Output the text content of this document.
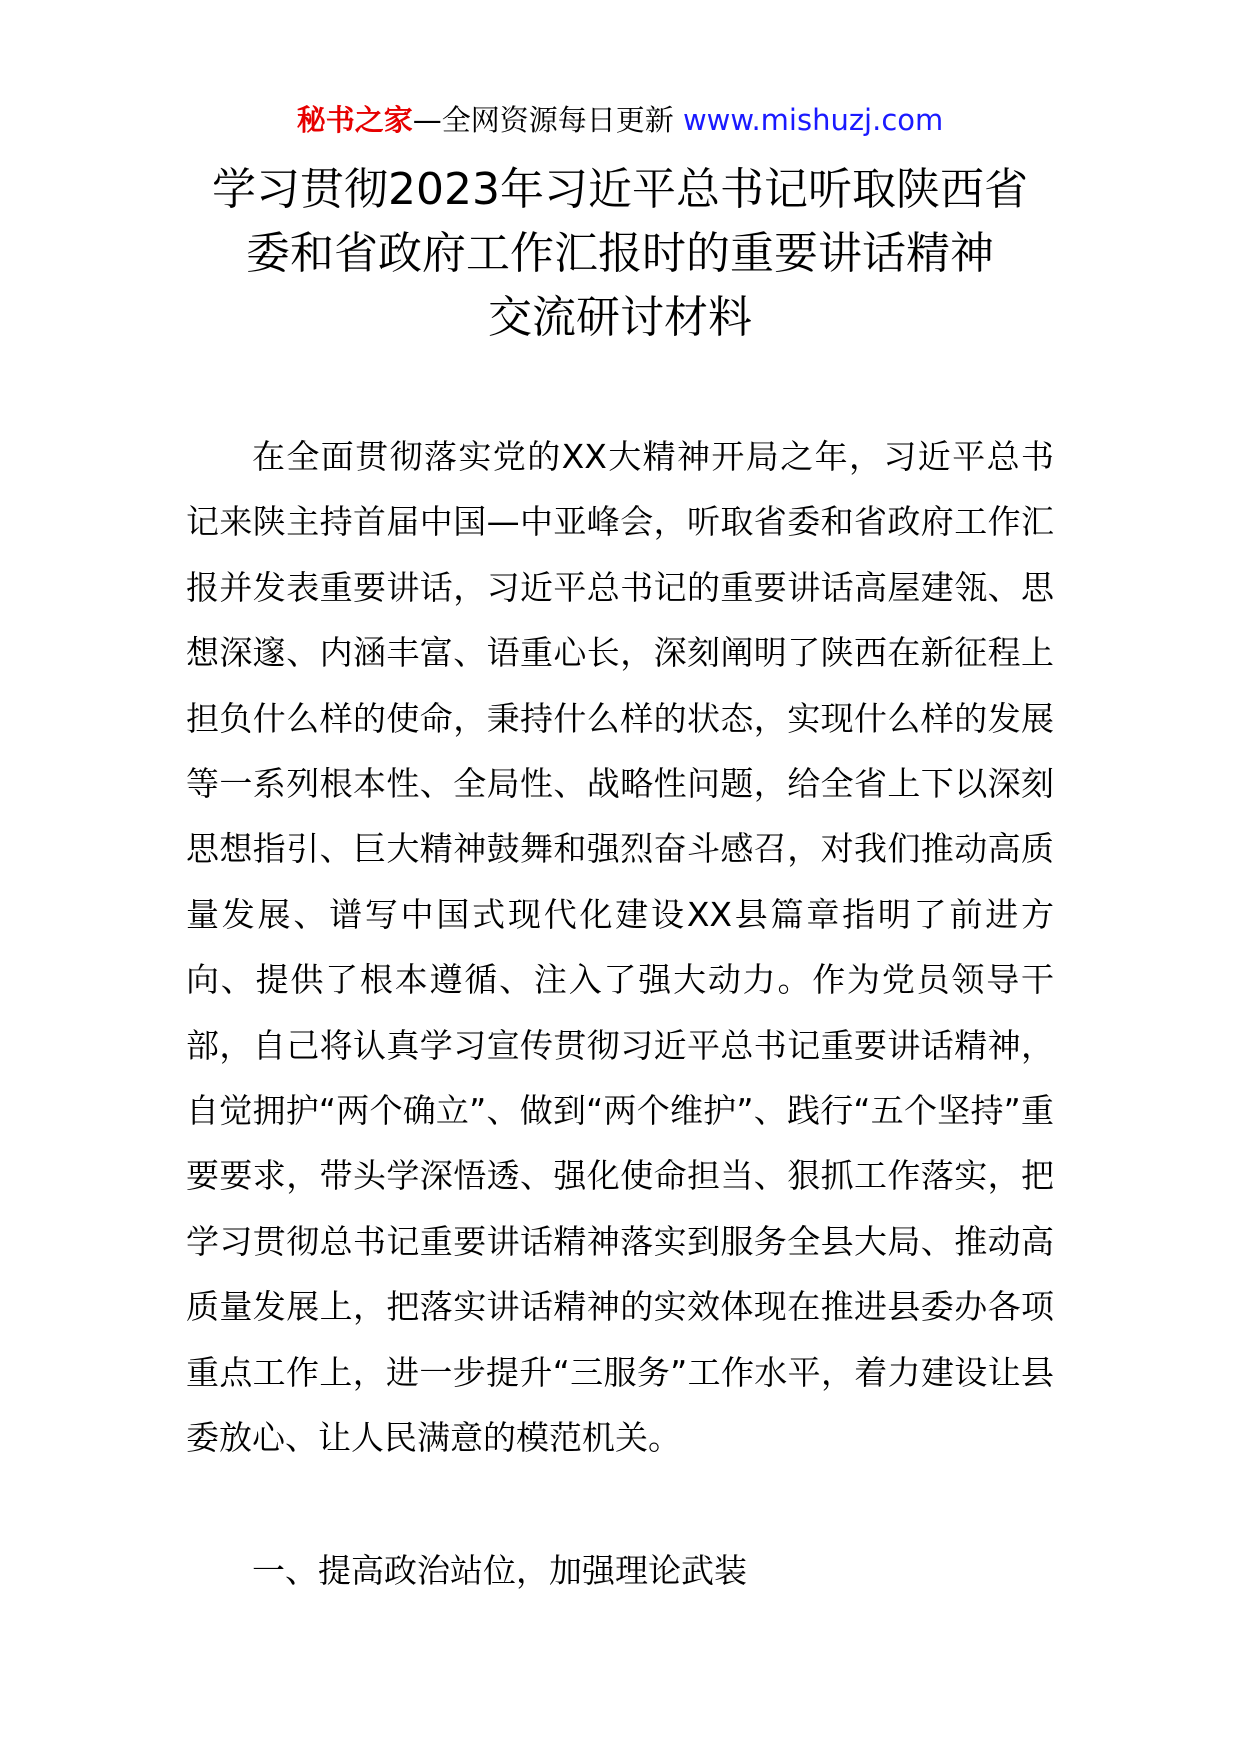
秘书之家—全网资源每日更新 www.mishuzj.com
学习贯彻2023年习近平总书记听取陕西省
委和省政府工作汇报时的重要讲话精神
交流研讨材料

在全面贯彻落实党的XX大精神开局之年，习近平总书记来陕主持首届中国—中亚峰会，听取省委和省政府工作汇报并发表重要讲话，习近平总书记的重要讲话高屋建瓴、思想深邃、内涵丰富、语重心长，深刻阐明了陕西在新征程上担负什么样的使命，秉持什么样的状态，实现什么样的发展等一系列根本性、全局性、战略性问题，给全省上下以深刻思想指引、巨大精神鼓舞和强烈奋斗感召，对我们推动高质量发展、谱写中国式现代化建设XX县篇章指明了前进方向、提供了根本遵循、注入了强大动力。作为党员领导干部，自己将认真学习宣传贯彻习近平总书记重要讲话精神，自觉拥护“两个确立”、做到“两个维护”、践行“五个坚持”重要要求，带头学深悟透、强化使命担当、狠抓工作落实，把学习贯彻总书记重要讲话精神落实到服务全县大局、推动高质量发展上，把落实讲话精神的实效体现在推进县委办各项重点工作上，进一步提升“三服务”工作水平，着力建设让县委放心、让人民满意的模范机关。

一、提高政治站位，加强理论武装
